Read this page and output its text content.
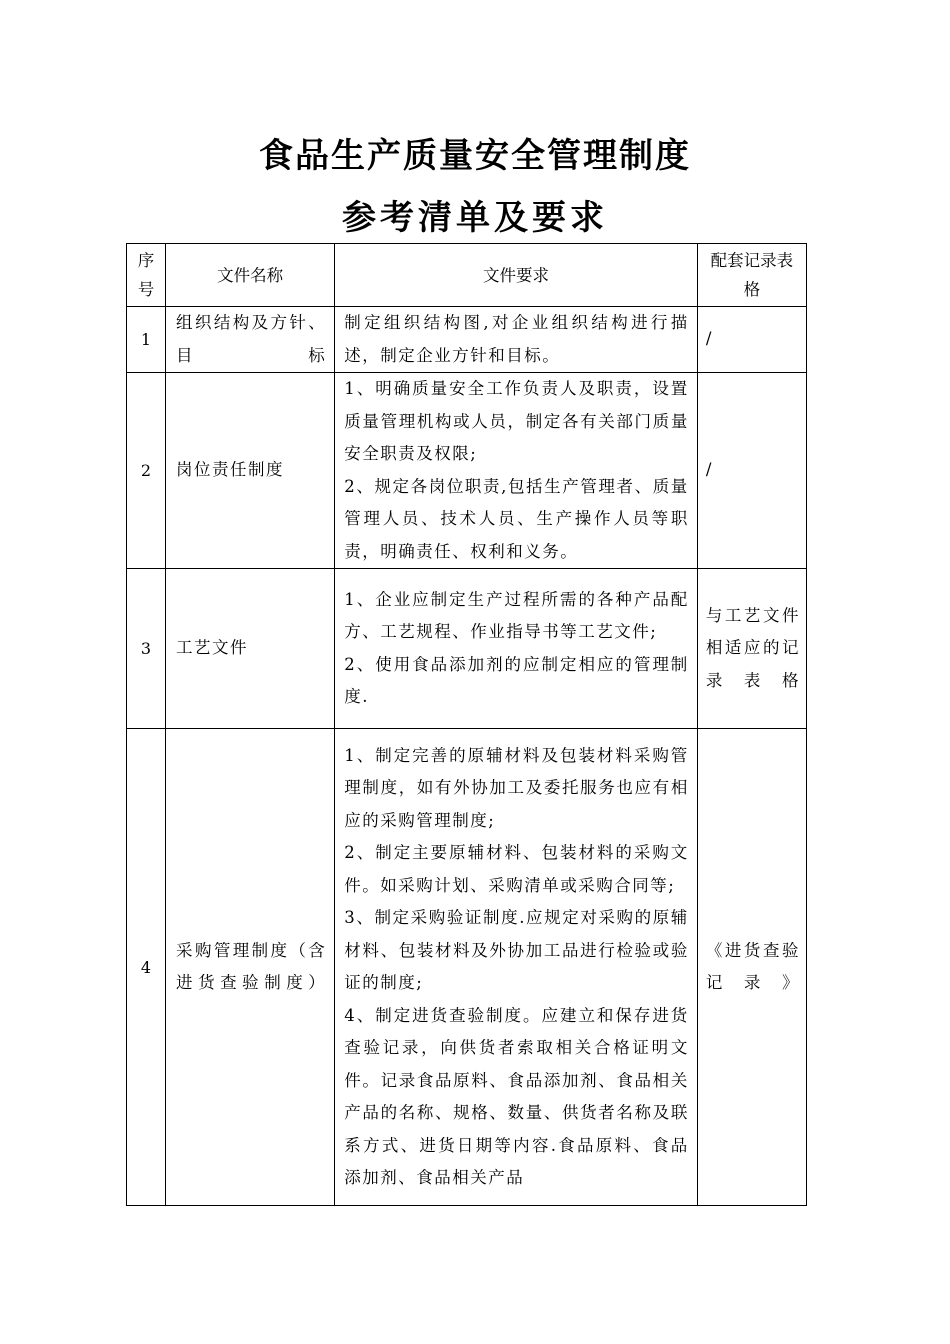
食品生产质量安全管理制度
参考清单及要求
序号	文件名称	文件要求	配套记录表格

1	组织结构及方针、目标	制定组织结构图,对企业组织结构进行描述，制定企业方针和目标。	/

2	岗位责任制度	1、明确质量安全工作负责人及职责，设置质量管理机构或人员，制定各有关部门质量安全职责及权限;
2、规定各岗位职责,包括生产管理者、质量管理人员、技术人员、生产操作人员等职责，明确责任、权利和义务。	/

3	工艺文件	1、企业应制定生产过程所需的各种产品配方、工艺规程、作业指导书等工艺文件;
2、使用食品添加剂的应制定相应的管理制度.	与工艺文件相适应的记录表格

4	采购管理制度（含进货查验制度）	1、制定完善的原辅材料及包装材料采购管理制度，如有外协加工及委托服务也应有相应的采购管理制度;
2、制定主要原辅材料、包装材料的采购文件。如采购计划、采购清单或采购合同等;
3、制定采购验证制度.应规定对采购的原辅材料、包装材料及外协加工品进行检验或验证的制度;
4、制定进货查验制度。应建立和保存进货查验记录，向供货者索取相关合格证明文件。记录食品原料、食品添加剂、食品相关产品的名称、规格、数量、供货者名称及联系方式、进货日期等内容.食品原料、食品添加剂、食品相关产品	《进货查验记录》
